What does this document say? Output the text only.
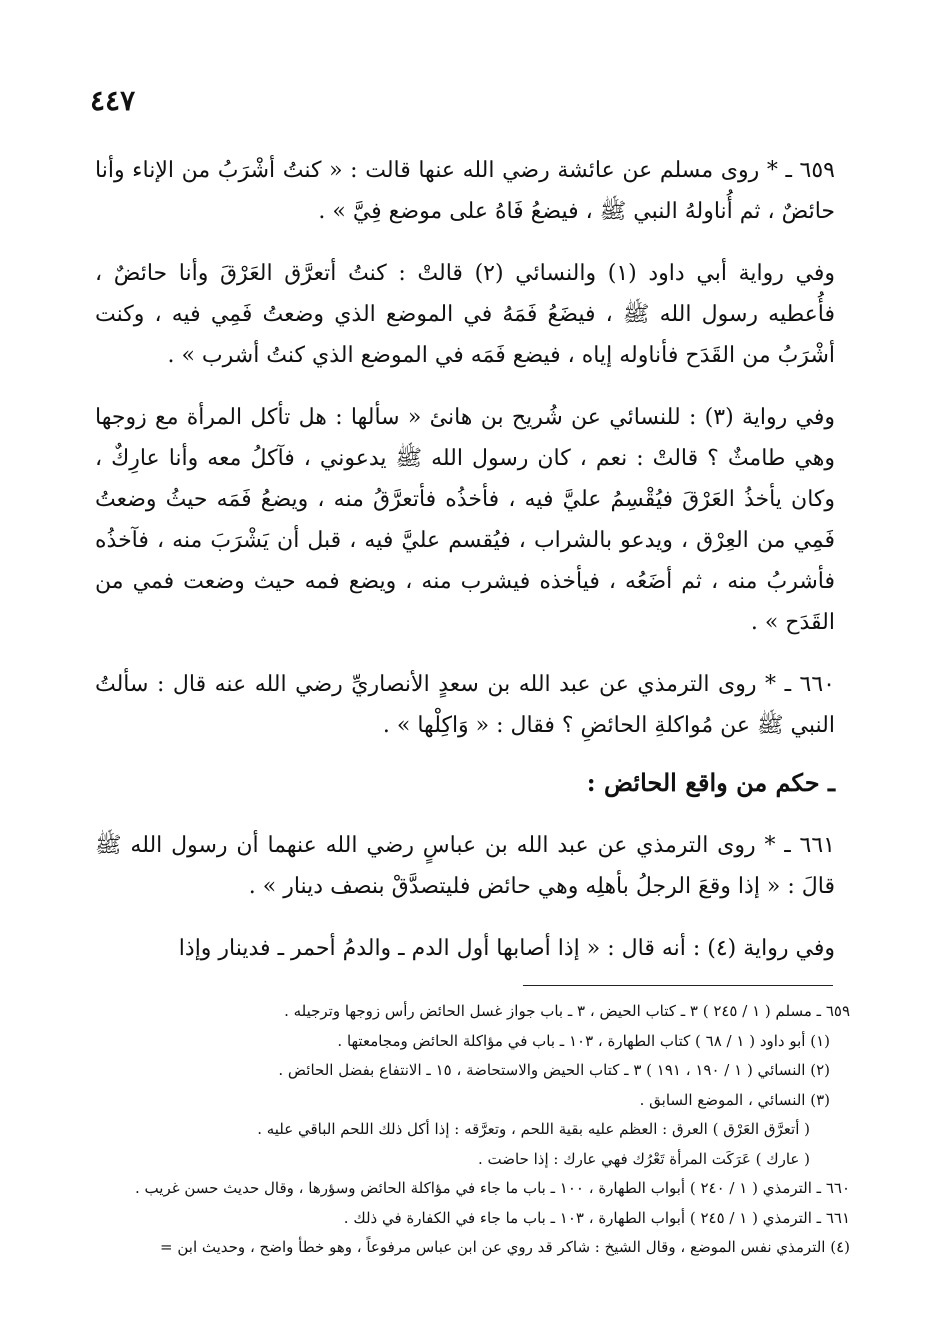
٤٤٧

٦٥٩ ـ * روى مسلم عن عائشة رضي الله عنها قالت : « كنتُ أشْرَبُ من الإناء وأنا حائضٌ ، ثم أُناولهُ النبي ﷺ ، فيضعُ فَاهُ على موضع فِيَّ » .

وفي رواية أبي داود (١) والنسائي (٢) قالتْ : كنتُ أتعرَّق العَرْقَ وأنا حائضٌ ، فأُعطيه رسول الله ﷺ ، فيضَعُ فَمَهُ في الموضع الذي وضعتُ فَمِي فيه ، وكنت أشْرَبُ من القَدَح فأناوله إياه ، فيضع فَمَه في الموضع الذي كنتُ أشرب » .

وفي رواية (٣) : للنسائي عن شُريح بن هانئ « سألها : هل تأكل المرأة مع زوجها وهي طامثٌ ؟ قالتْ : نعم ، كان رسول الله ﷺ يدعوني ، فآكلُ معه وأنا عارِكٌ ، وكان يأخذُ العَرْقَ فيُقْسِمُ عليَّ فيه ، فأخذُه فأتعرَّقُ منه ، ويضعُ فَمَه حيثُ وضعتُ فَمِي من العِرْق ، ويدعو بالشراب ، فيُقسم عليَّ فيه ، قبل أن يَشْرَبَ منه ، فآخذُه فأشربُ منه ، ثم أضَعُه ، فيأخذه فيشرب منه ، ويضع فمه حيث وضعت فمي من القَدَح » .

٦٦٠ ـ * روى الترمذي عن عبد الله بن سعدٍ الأنصاريِّ رضي الله عنه قال : سألتُ النبي ﷺ عن مُواكلةِ الحائضِ ؟ فقال : « وَاكِلْها » .

ـ حكم من واقع الحائض :

٦٦١ ـ * روى الترمذي عن عبد الله بن عباسٍ رضي الله عنهما أن رسول الله ﷺ قالَ : « إذا وقعَ الرجلُ بأهلِه وهي حائض فليتصدَّقْ بنصف دينار » .

وفي رواية (٤) : أنه قال : « إذا أصابها أول الدم ـ والدمُ أحمر ـ فدينار وإذا

٦٥٩ ـ مسلم ( ١ / ٢٤٥ ) ٣ ـ كتاب الحيض ، ٣ ـ باب جواز غسل الحائض رأس زوجها وترجيله .

(١) أبو داود ( ١ / ٦٨ ) كتاب الطهارة ، ١٠٣ ـ باب في مؤاكلة الحائض ومجامعتها .

(٢) النسائي ( ١ / ١٩٠ ، ١٩١ ) ٣ ـ كتاب الحيض والاستحاضة ، ١٥ ـ الانتفاع بفضل الحائض .

(٣) النسائي ، الموضع السابق .

( أتعرَّق العَرْق ) العرق : العظم عليه بقية اللحم ، وتعرَّقه : إذا أكل ذلك اللحم الباقي عليه .

( عارك ) عَرَكَت المرأة تَعْرُك فهي عارك : إذا حاضت .

٦٦٠ ـ الترمذي ( ١ / ٢٤٠ ) أبواب الطهارة ، ١٠٠ ـ باب ما جاء في مؤاكلة الحائض وسؤرها ، وقال حديث حسن غريب .

٦٦١ ـ الترمذي ( ١ / ٢٤٥ ) أبواب الطهارة ، ١٠٣ ـ باب ما جاء في الكفارة في ذلك .

(٤) الترمذي نفس الموضع ، وقال الشيخ : شاكر قد روي عن ابن عباس مرفوعاً ، وهو خطأ واضح ، وحديث ابن =
